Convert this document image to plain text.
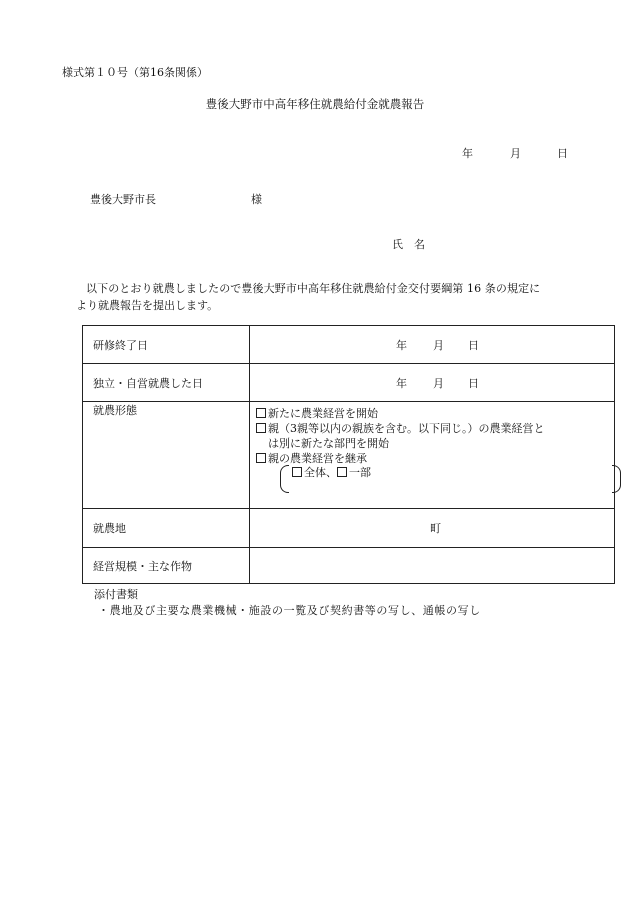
様式第１０号（第16条関係）
豊後大野市中高年移住就農給付金就農報告
年	月	日
豊後大野市長	様
氏　名
以下のとおり就農しましたので豊後大野市中高年移住就農給付金交付要綱第 16 条の規定に
より就農報告を提出します。
研修終了日	年 月 日

独立・自営就農した日	年 月 日

就農形態	新たに農業経営を開始
親（3親等以内の親族を含む。以下同じ。）の農業経営と
は別に新たな部門を開始
親の農業経営を継承
全体、 一部

就農地	町

経営規模・主な作物	
添付書類
・農地及び主要な農業機械・施設の一覧及び契約書等の写し、通帳の写し
